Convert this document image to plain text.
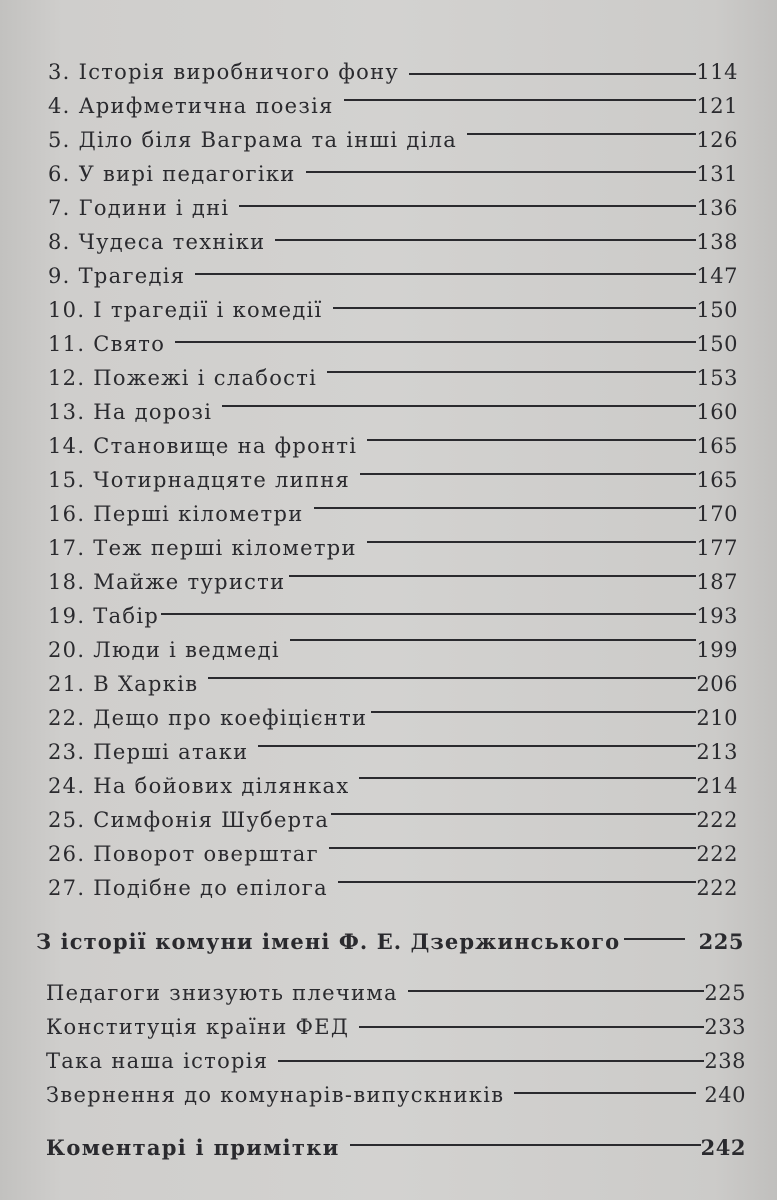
3. Історія виробничого фону	114
4. Арифметична поезія	121
5. Діло біля Ваграма та інші діла	126
6. У вирі педагогіки	131
7. Години і дні	136
8. Чудеса техніки	138
9. Трагедія	147
10. І трагедії і комедії	150
11. Свято	150
12. Пожежі і слабості	153
13. На дорозі	160
14. Становище на фронті	165
15. Чотирнадцяте липня	165
16. Перші кілометри	170
17. Теж перші кілометри	177
18. Майже туристи	187
19. Табір	193
20. Люди і ведмеді	199
21. В Харків	206
22. Дещо про коефіцієнти	210
23. Перші атаки	213
24. На бойових ділянках	214
25. Симфонія Шуберта	222
26. Поворот оверштаг	222
27. Подібне до епілога	222
З історії комуни імені Ф. Е. Дзержинського	225
Педагоги знизують плечима	225
Конституція країни ФЕД	233
Така наша історія	238
Звернення до комунарів-випускників	240
Коментарі і примітки	242
